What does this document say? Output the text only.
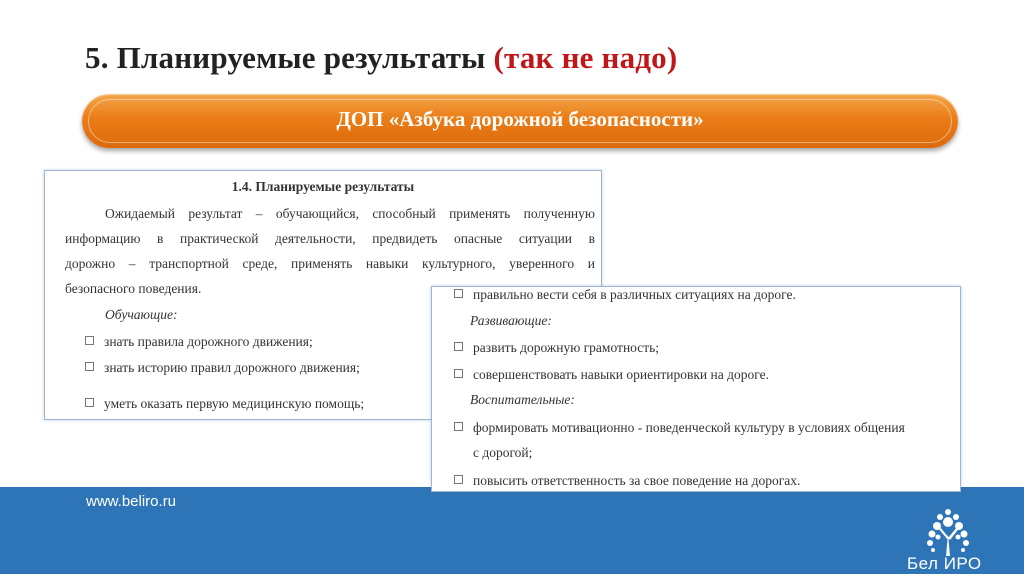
5. Планируемые результаты (так не надо)
ДОП «Азбука дорожной безопасности»
1.4. Планируемые результаты
Ожидаемый результат – обучающийся, способный применять полученную
информацию в практической деятельности, предвидеть опасные ситуации в
дорожно – транспортной среде, применять навыки культурного, уверенного и
безопасного поведения.
Обучающие:
знать правила дорожного движения;
знать историю правил дорожного движения;
уметь оказать первую медицинскую помощь;
www.beliro.ru
правильно вести себя в различных ситуациях на дороге.
Развивающие:
развить дорожную грамотность;
совершенствовать навыки ориентировки на дороге.
Воспитательные:
формировать мотивационно - поведенческой культуру в условиях общения
с дорогой;
повысить ответственность за свое поведение на дорогах.
Бел ИРО
